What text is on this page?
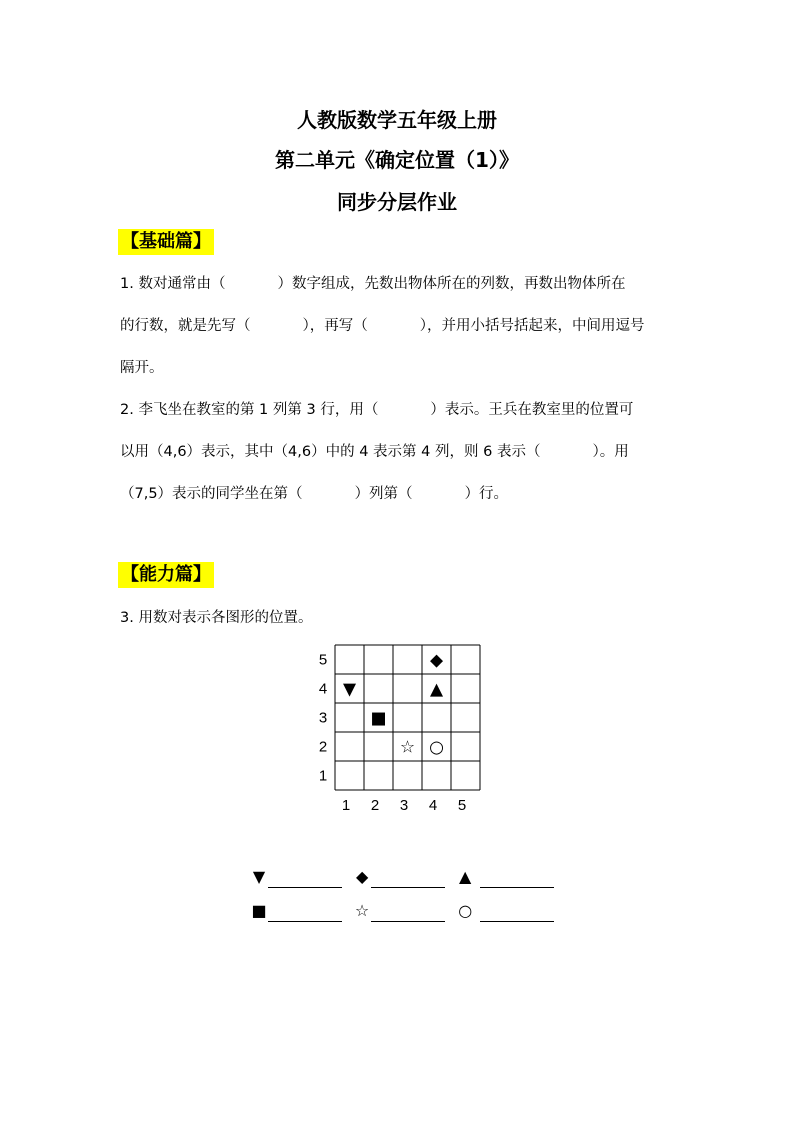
人教版数学五年级上册
第二单元《确定位置（1）》
同步分层作业
【基础篇】
1. 数对通常由（	）数字组成，先数出物体所在的列数，再数出物体所在
的行数，就是先写（	），再写（	），并用小括号括起来，中间用逗号
隔开。
2. 李飞坐在教室的第 1 列第 3 行，用（	）表示。王兵在教室里的位置可
以用（4,6）表示，其中（4,6）中的 4 表示第 4 列，则 6 表示（	）。用
（7,5）表示的同学坐在第（	）列第（	）行。
【能力篇】
3. 用数对表示各图形的位置。
5
4
3
2
1
1 2 3 4 5
◆
▼	▲
■
☆ ○
▼	◆	▲
■	☆	○
